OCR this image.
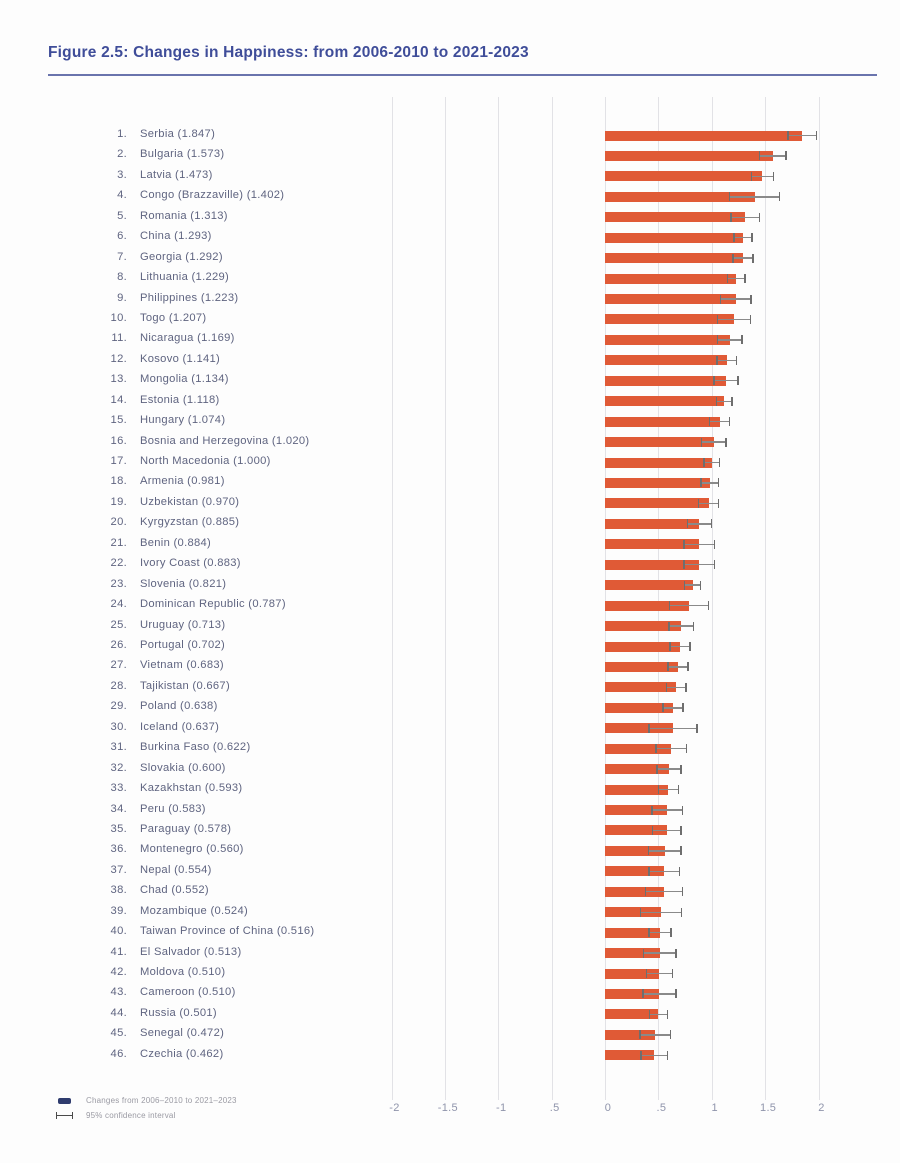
Figure 2.5: Changes in Happiness: from 2006-2010 to 2021-2023
-2	-1.5	-1	.5	0	.5	1	1.5	2
1. Serbia (1.847)
2. Bulgaria (1.573)
3. Latvia (1.473)
4. Congo (Brazzaville) (1.402)
5. Romania (1.313)
6. China (1.293)
7. Georgia (1.292)
8. Lithuania (1.229)
9. Philippines (1.223)
10. Togo (1.207)
11. Nicaragua (1.169)
12. Kosovo (1.141)
13. Mongolia (1.134)
14. Estonia (1.118)
15. Hungary (1.074)
16. Bosnia and Herzegovina (1.020)
17. North Macedonia (1.000)
18. Armenia (0.981)
19. Uzbekistan (0.970)
20. Kyrgyzstan (0.885)
21. Benin (0.884)
22. Ivory Coast (0.883)
23. Slovenia (0.821)
24. Dominican Republic (0.787)
25. Uruguay (0.713)
26. Portugal (0.702)
27. Vietnam (0.683)
28. Tajikistan (0.667)
29. Poland (0.638)
30. Iceland (0.637)
31. Burkina Faso (0.622)
32. Slovakia (0.600)
33. Kazakhstan (0.593)
34. Peru (0.583)
35. Paraguay (0.578)
36. Montenegro (0.560)
37. Nepal (0.554)
38. Chad (0.552)
39. Mozambique (0.524)
40. Taiwan Province of China (0.516)
41. El Salvador (0.513)
42. Moldova (0.510)
43. Cameroon (0.510)
44. Russia (0.501)
45. Senegal (0.472)
46. Czechia (0.462)
Changes from 2006–2010 to 2021–2023
95% confidence interval
